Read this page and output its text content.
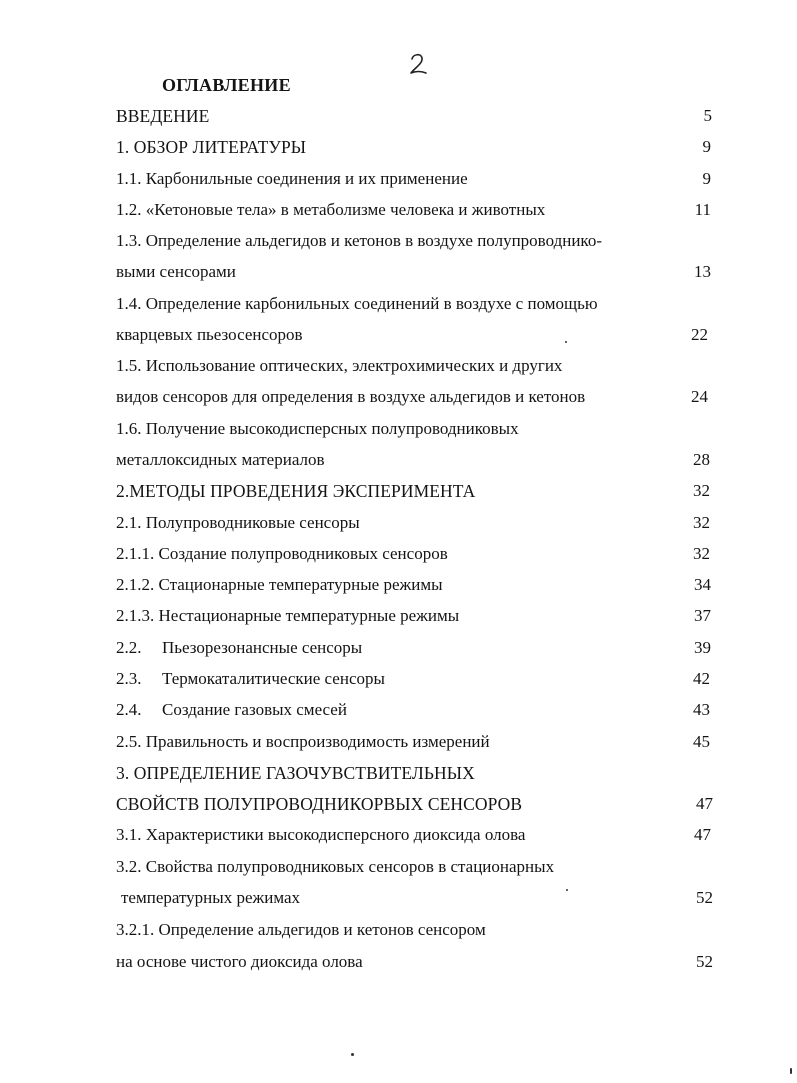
ОГЛАВЛЕНИЕ
ВВЕДЕНИЕ	5
1. ОБЗОР ЛИТЕРАТУРЫ	9
1.1. Карбонильные соединения и их применение	9
1.2. «Кетоновые тела» в метаболизме человека и животных	11
1.3. Определение альдегидов и кетонов в воздухе полупроводнико-
выми сенсорами	13
1.4. Определение карбонильных соединений в воздухе с помощью
кварцевых пьезосенсоров	22
1.5. Использование оптических, электрохимических и других
видов сенсоров для определения в воздухе альдегидов и кетонов	24
1.6. Получение высокодисперсных полупроводниковых
металлоксидных материалов	28
2.МЕТОДЫ ПРОВЕДЕНИЯ ЭКСПЕРИМЕНТА	32
2.1. Полупроводниковые сенсоры	32
2.1.1. Создание полупроводниковых сенсоров	32
2.1.2. Стационарные температурные режимы	34
2.1.3. Нестационарные температурные режимы	37
2.2. Пьезорезонансные сенсоры	39
2.3. Термокаталитические сенсоры	42
2.4. Создание газовых смесей	43
2.5. Правильность и воспроизводимость измерений	45
3. ОПРЕДЕЛЕНИЕ ГАЗОЧУВСТВИТЕЛЬНЫХ
СВОЙСТВ ПОЛУПРОВОДНИКОРВЫХ СЕНСОРОВ	47
3.1. Характеристики высокодисперсного диоксида олова	47
3.2. Свойства полупроводниковых сенсоров в стационарных
температурных режимах	52
3.2.1. Определение альдегидов и кетонов сенсором
на основе чистого диоксида олова	52
